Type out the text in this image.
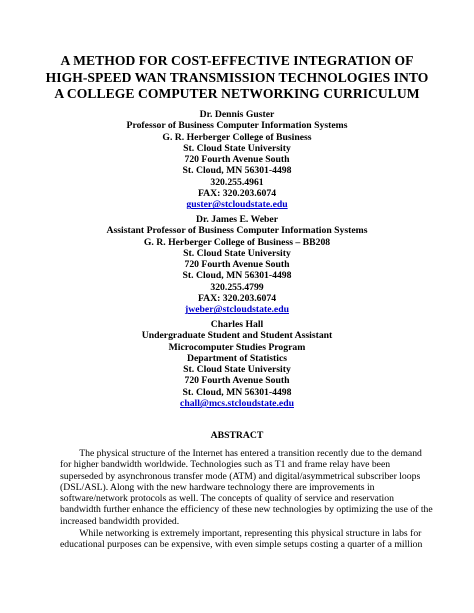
A METHOD FOR COST-EFFECTIVE INTEGRATION OF
HIGH-SPEED WAN TRANSMISSION TECHNOLOGIES INTO
A COLLEGE COMPUTER NETWORKING CURRICULUM
Dr. Dennis Guster
Professor of Business Computer Information Systems
G. R. Herberger College of Business
St. Cloud State University
720 Fourth Avenue South
St. Cloud, MN 56301-4498
320.255.4961
FAX: 320.203.6074
guster@stcloudstate.edu
Dr. James E. Weber
Assistant Professor of Business Computer Information Systems
G. R. Herberger College of Business – BB208
St. Cloud State University
720 Fourth Avenue South
St. Cloud, MN 56301-4498
320.255.4799
FAX: 320.203.6074
jweber@stcloudstate.edu
Charles Hall
Undergraduate Student and Student Assistant
Microcomputer Studies Program
Department of Statistics
St. Cloud State University
720 Fourth Avenue South
St. Cloud, MN 56301-4498
chall@mcs.stcloudstate.edu
ABSTRACT
The physical structure of the Internet has entered a transition recently due to the demand
for higher bandwidth worldwide. Technologies such as T1 and frame relay have been
superseded by asynchronous transfer mode (ATM) and digital/asymmetrical subscriber loops
(DSL/ASL). Along with the new hardware technology there are improvements in
software/network protocols as well. The concepts of quality of service and reservation
bandwidth further enhance the efficiency of these new technologies by optimizing the use of the
increased bandwidth provided.
While networking is extremely important, representing this physical structure in labs for
educational purposes can be expensive, with even simple setups costing a quarter of a million
